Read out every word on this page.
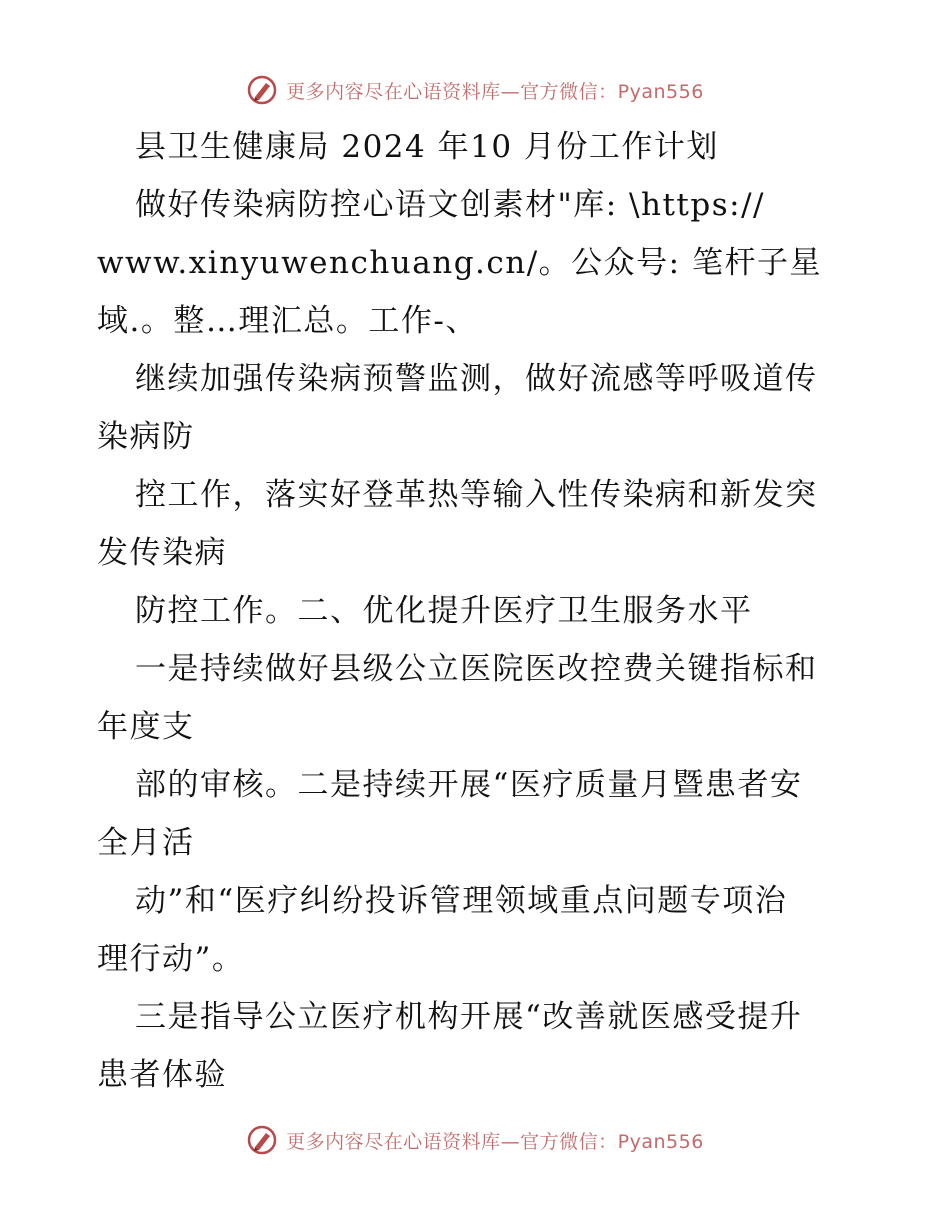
更多内容尽在心语资料库—官方微信：Pyan556
县卫生健康局 2024 年10 月份工作计划
做好传染病防控心语文创素材"库: \https://
www.xinyuwenchuang.cn/。公众号: 笔杆子星
域.。整…理汇总。工作-、
继续加强传染病预警监测，做好流感等呼吸道传
染病防
控工作，落实好登革热等输入性传染病和新发突
发传染病
防控工作。二、优化提升医疗卫生服务水平
一是持续做好县级公立医院医改控费关键指标和
年度支
部的审核。二是持续开展“医疗质量月暨患者安
全月活
动”和“医疗纠纷投诉管理领域重点问题专项治
理行动”。
三是指导公立医疗机构开展“改善就医感受提升
患者体验
更多内容尽在心语资料库—官方微信：Pyan556
